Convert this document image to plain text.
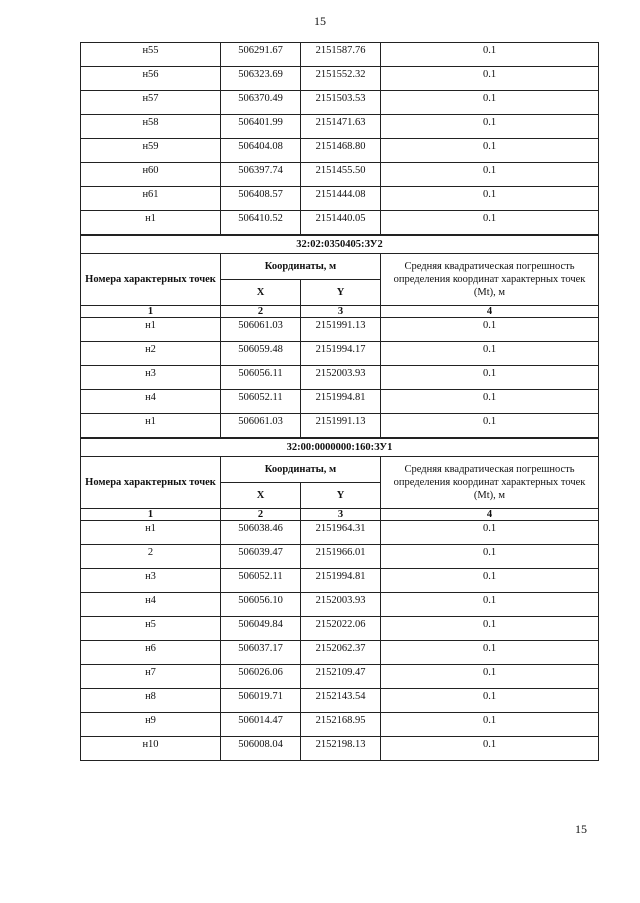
15
н55	506291.67	2151587.76	0.1
н56	506323.69	2151552.32	0.1
н57	506370.49	2151503.53	0.1
н58	506401.99	2151471.63	0.1
н59	506404.08	2151468.80	0.1
н60	506397.74	2151455.50	0.1
н61	506408.57	2151444.08	0.1
н1	506410.52	2151440.05	0.1
32:02:0350405:ЗУ2			
Номера характерных точек	Координаты, м		Средняя квадратическая погрешность определения координат характерных точек (Mt), м
	X	Y	
1	2	3	4
н1	506061.03	2151991.13	0.1
н2	506059.48	2151994.17	0.1
н3	506056.11	2152003.93	0.1
н4	506052.11	2151994.81	0.1
н1	506061.03	2151991.13	0.1
32:00:0000000:160:ЗУ1			
Номера характерных точек	Координаты, м		Средняя квадратическая погрешность определения координат характерных точек (Mt), м
	X	Y	
1	2	3	4
н1	506038.46	2151964.31	0.1
2	506039.47	2151966.01	0.1
н3	506052.11	2151994.81	0.1
н4	506056.10	2152003.93	0.1
н5	506049.84	2152022.06	0.1
н6	506037.17	2152062.37	0.1
н7	506026.06	2152109.47	0.1
н8	506019.71	2152143.54	0.1
н9	506014.47	2152168.95	0.1
н10	506008.04	2152198.13	0.1
15
